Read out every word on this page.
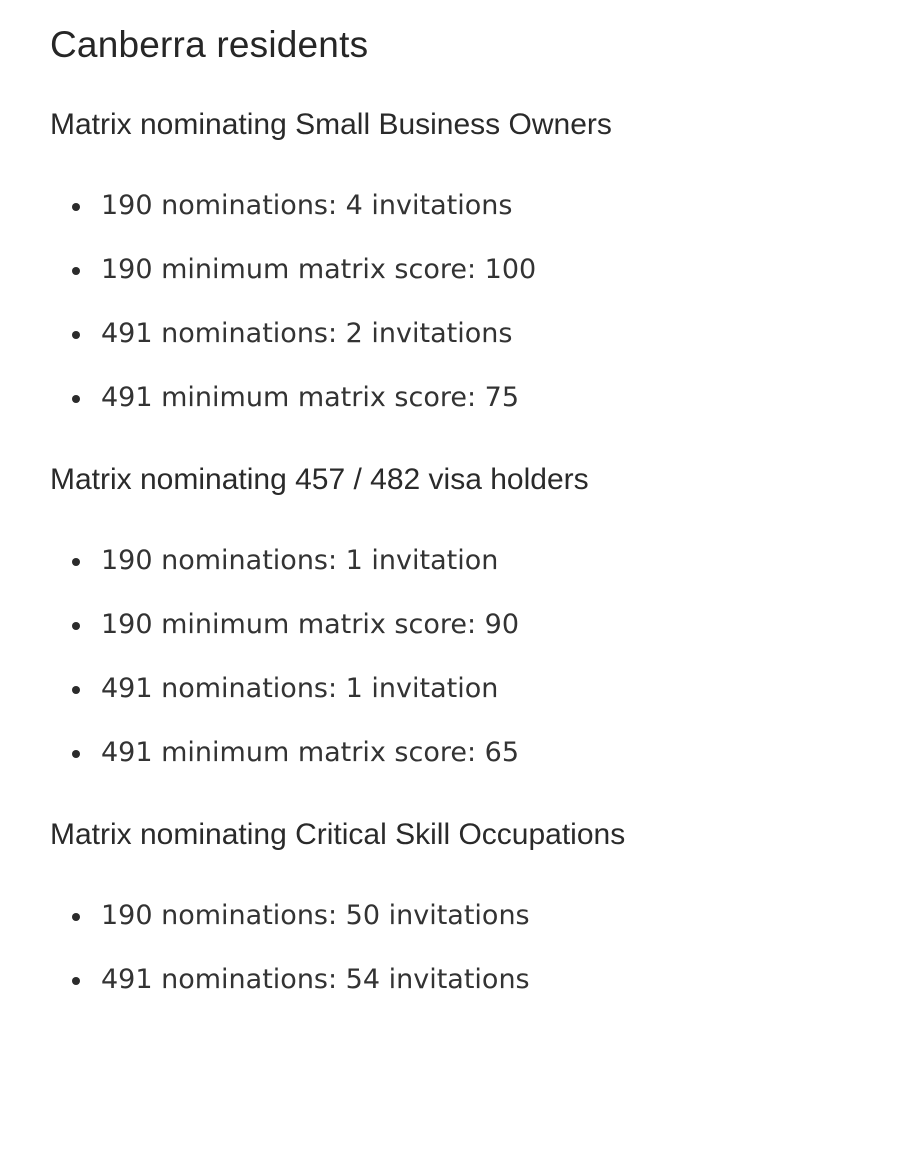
Canberra residents
Matrix nominating Small Business Owners
190 nominations: 4 invitations
190 minimum matrix score: 100
491 nominations: 2 invitations
491 minimum matrix score: 75
Matrix nominating 457 / 482 visa holders
190 nominations: 1 invitation
190 minimum matrix score: 90
491 nominations: 1 invitation
491 minimum matrix score: 65
Matrix nominating Critical Skill Occupations
190 nominations: 50 invitations
491 nominations: 54 invitations
